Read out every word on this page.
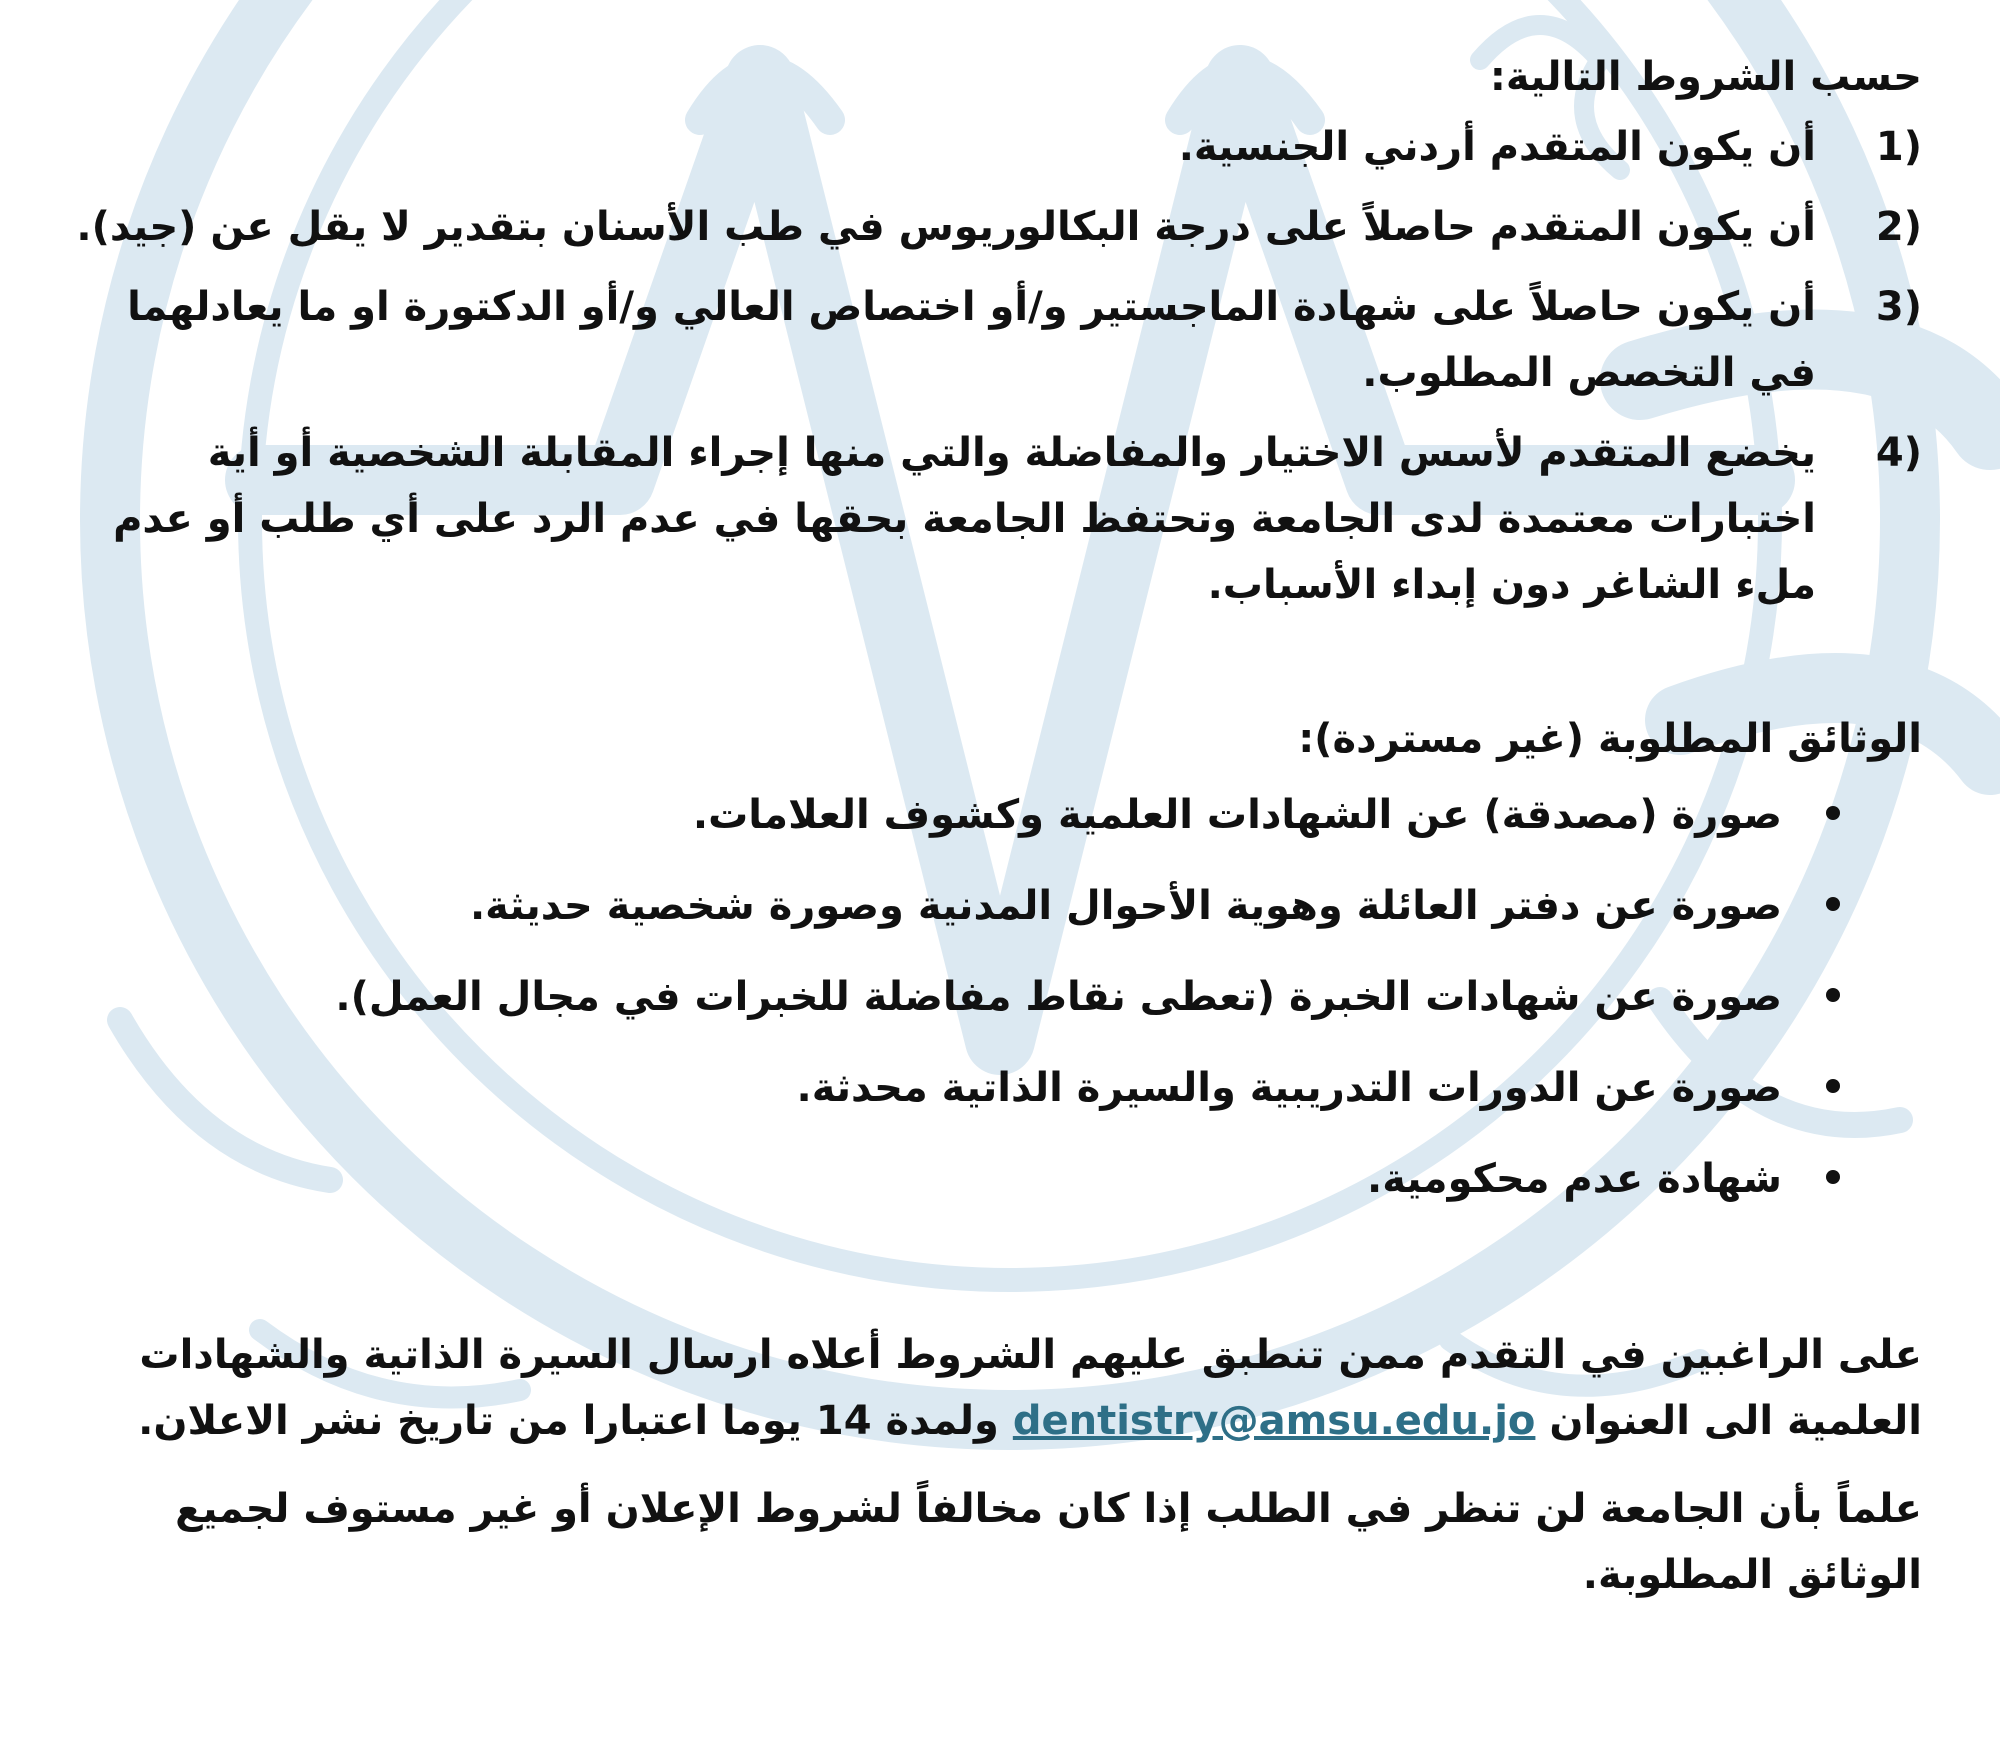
حسب الشروط التالية:
1)
أن يكون المتقدم أردني الجنسية.
2)
أن يكون المتقدم حاصلاً على درجة البكالوريوس في طب الأسنان بتقدير لا يقل عن (جيد).
3)
أن يكون حاصلاً على شهادة الماجستير و/أو اختصاص العالي و/أو الدكتورة او ما يعادلهما في التخصص المطلوب.
4)
يخضع المتقدم لأسس الاختيار والمفاضلة والتي منها إجراء المقابلة الشخصية أو أية اختبارات معتمدة لدى الجامعة وتحتفظ الجامعة بحقها في عدم الرد على أي طلب أو عدم ملء الشاغر دون إبداء الأسباب.
الوثائق المطلوبة (غير مستردة):
صورة (مصدقة) عن الشهادات العلمية وكشوف العلامات.
صورة عن دفتر العائلة وهوية الأحوال المدنية وصورة شخصية حديثة.
صورة عن شهادات الخبرة (تعطى نقاط مفاضلة للخبرات في مجال العمل).
صورة عن الدورات التدريبية والسيرة الذاتية محدثة.
شهادة عدم محكومية.

على الراغبين في التقدم ممن تنطبق عليهم الشروط أعلاه ارسال السيرة الذاتية والشهادات العلمية الى العنوان dentistry@amsu.edu.jo ولمدة 14 يوما اعتبارا من تاريخ نشر الاعلان.

علماً بأن الجامعة لن تنظر في الطلب إذا كان مخالفاً لشروط الإعلان أو غير مستوف لجميع الوثائق المطلوبة.
